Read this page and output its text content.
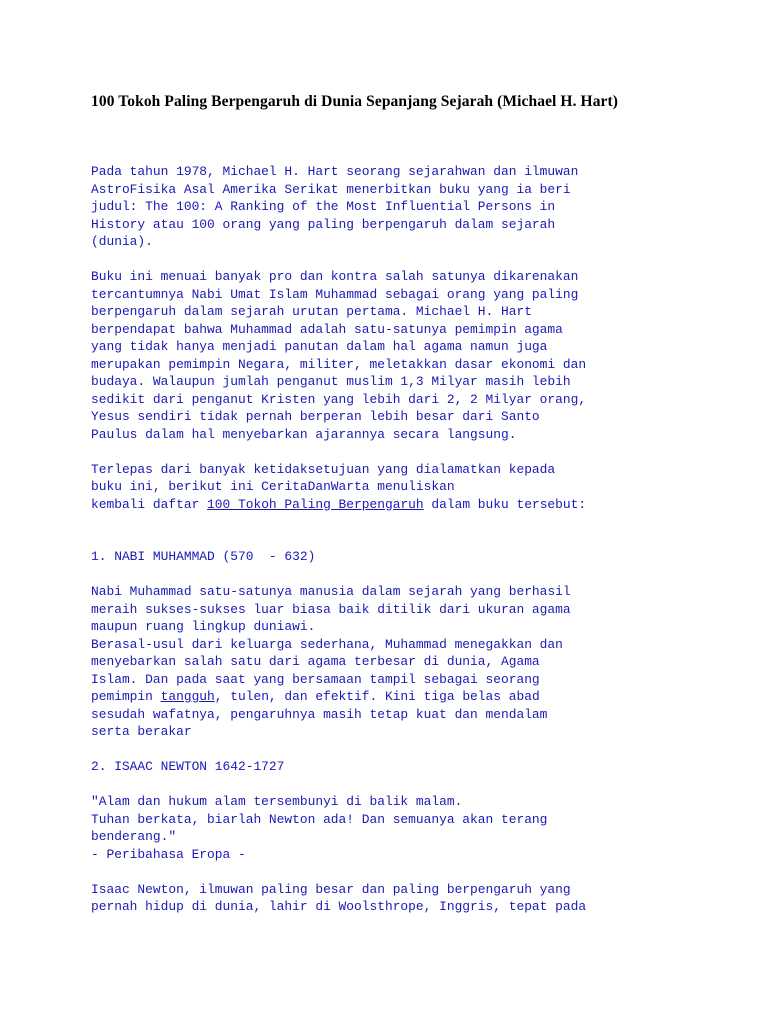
100 Tokoh Paling Berpengaruh di Dunia Sepanjang Sejarah (Michael H. Hart)
Pada tahun 1978, Michael H. Hart seorang sejarahwan dan ilmuwan
AstroFisika Asal Amerika Serikat menerbitkan buku yang ia beri
judul: The 100: A Ranking of the Most Influential Persons in
History atau 100 orang yang paling berpengaruh dalam sejarah
(dunia).
Buku ini menuai banyak pro dan kontra salah satunya dikarenakan
tercantumnya Nabi Umat Islam Muhammad sebagai orang yang paling
berpengaruh dalam sejarah urutan pertama. Michael H. Hart
berpendapat bahwa Muhammad adalah satu-satunya pemimpin agama
yang tidak hanya menjadi panutan dalam hal agama namun juga
merupakan pemimpin Negara, militer, meletakkan dasar ekonomi dan
budaya. Walaupun jumlah penganut muslim 1,3 Milyar masih lebih
sedikit dari penganut Kristen yang lebih dari 2, 2 Milyar orang,
Yesus sendiri tidak pernah berperan lebih besar dari Santo
Paulus dalam hal menyebarkan ajarannya secara langsung.
Terlepas dari banyak ketidaksetujuan yang dialamatkan kepada
buku ini, berikut ini CeritaDanWarta menuliskan
kembali daftar 100 Tokoh Paling Berpengaruh dalam buku tersebut:
1. NABI MUHAMMAD (570  - 632)
Nabi Muhammad satu-satunya manusia dalam sejarah yang berhasil
meraih sukses-sukses luar biasa baik ditilik dari ukuran agama
maupun ruang lingkup duniawi.
Berasal-usul dari keluarga sederhana, Muhammad menegakkan dan
menyebarkan salah satu dari agama terbesar di dunia, Agama
Islam. Dan pada saat yang bersamaan tampil sebagai seorang
pemimpin tangguh, tulen, dan efektif. Kini tiga belas abad
sesudah wafatnya, pengaruhnya masih tetap kuat dan mendalam
serta berakar
2. ISAAC NEWTON 1642-1727
"Alam dan hukum alam tersembunyi di balik malam.
Tuhan berkata, biarlah Newton ada! Dan semuanya akan terang
benderang."
- Peribahasa Eropa -
Isaac Newton, ilmuwan paling besar dan paling berpengaruh yang
pernah hidup di dunia, lahir di Woolsthrope, Inggris, tepat pada
